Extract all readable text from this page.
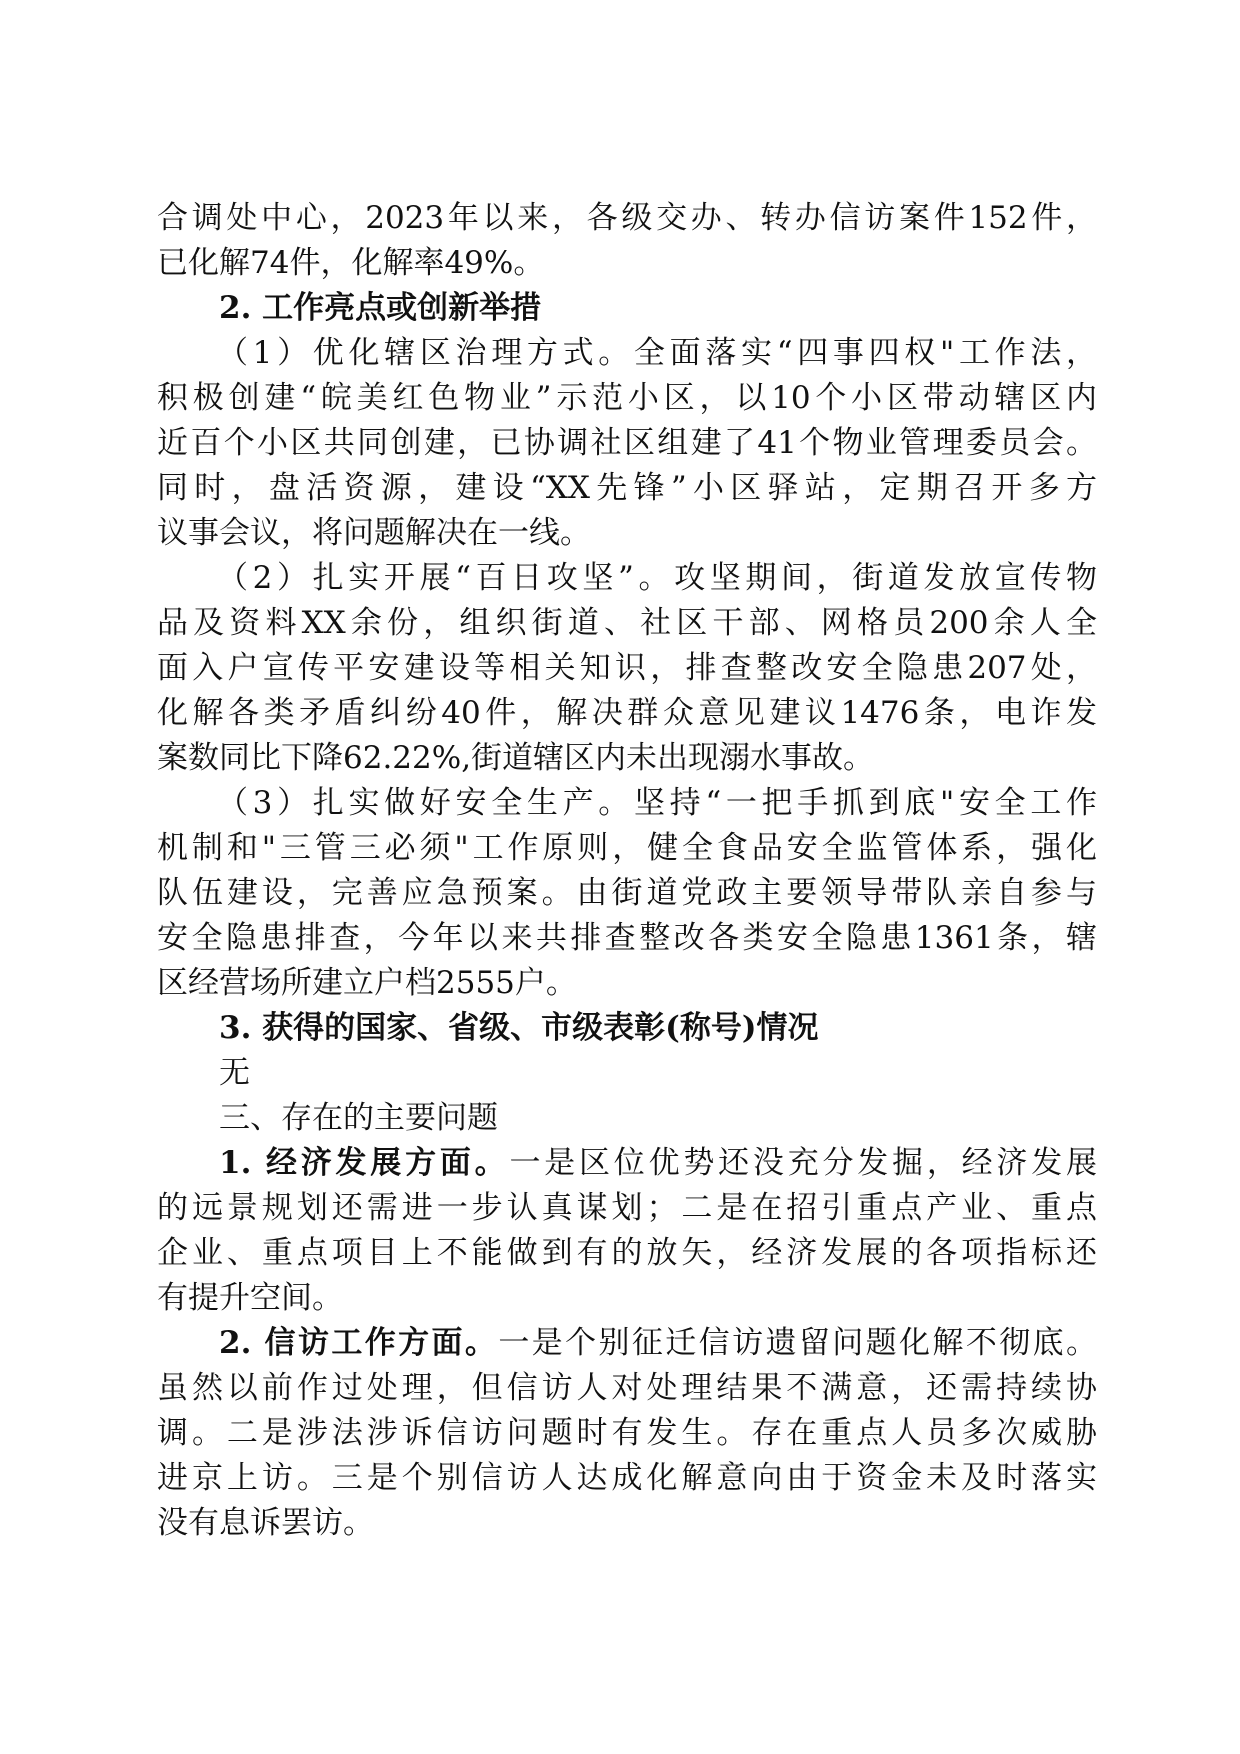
合调处中心，2023年以来，各级交办、转办信访案件152件，
已化解74件，化解率49%。
2. 工作亮点或创新举措
（1）优化辖区治理方式。全面落实“四事四权"工作法，
积极创建“皖美红色物业”示范小区，以10个小区带动辖区内
近百个小区共同创建，已协调社区组建了41个物业管理委员会。
同时，盘活资源，建设“XX先锋”小区驿站，定期召开多方
议事会议，将问题解决在一线。
（2）扎实开展“百日攻坚”。攻坚期间，街道发放宣传物
品及资料XX余份，组织街道、社区干部、网格员200余人全
面入户宣传平安建设等相关知识，排查整改安全隐患207处，
化解各类矛盾纠纷40件，解决群众意见建议1476条，电诈发
案数同比下降62.22%,街道辖区内未出现溺水事故。
（3）扎实做好安全生产。坚持“一把手抓到底"安全工作
机制和"三管三必须"工作原则，健全食品安全监管体系，强化
队伍建设，完善应急预案。由街道党政主要领导带队亲自参与
安全隐患排查，今年以来共排查整改各类安全隐患1361条，辖
区经营场所建立户档2555户。
3. 获得的国家、省级、市级表彰(称号)情况
无
三、存在的主要问题
1. 经济发展方面。一是区位优势还没充分发掘，经济发展
的远景规划还需进一步认真谋划；二是在招引重点产业、重点
企业、重点项目上不能做到有的放矢，经济发展的各项指标还
有提升空间。
2. 信访工作方面。一是个别征迁信访遗留问题化解不彻底。
虽然以前作过处理，但信访人对处理结果不满意，还需持续协
调。二是涉法涉诉信访问题时有发生。存在重点人员多次威胁
进京上访。三是个别信访人达成化解意向由于资金未及时落实
没有息诉罢访。
